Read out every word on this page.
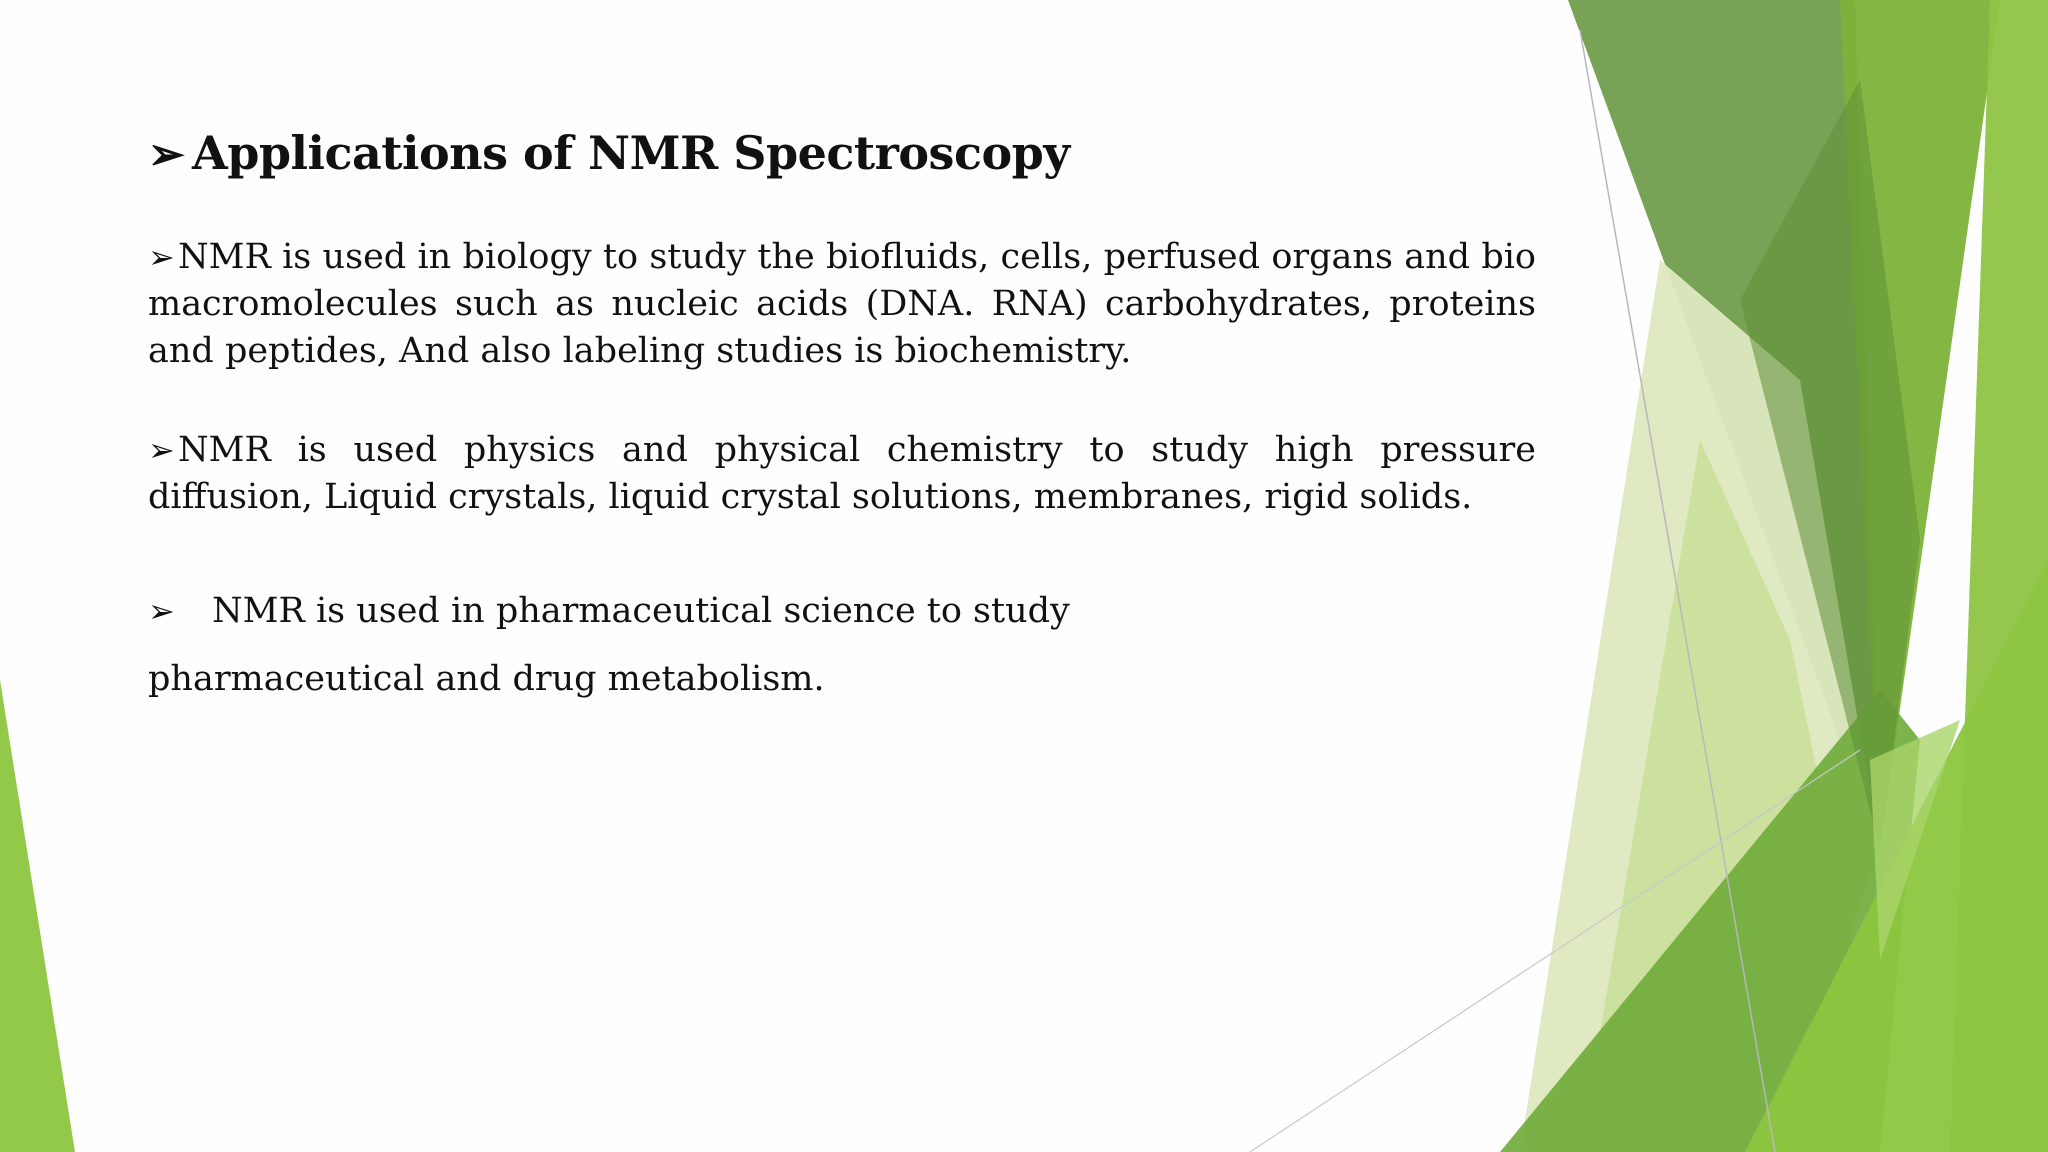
➢ Applications of NMR Spectroscopy

➢NMR is used in biology to study the biofluids, cells, perfused organs and bio macromolecules such as nucleic acids (DNA. RNA) carbohydrates, proteins and peptides, And also labeling studies is biochemistry.

➢NMR is used physics and physical chemistry to study high pressure diffusion, Liquid crystals, liquid crystal solutions, membranes, rigid solids.

➢ NMR is used in pharmaceutical science to study
pharmaceutical and drug metabolism.
